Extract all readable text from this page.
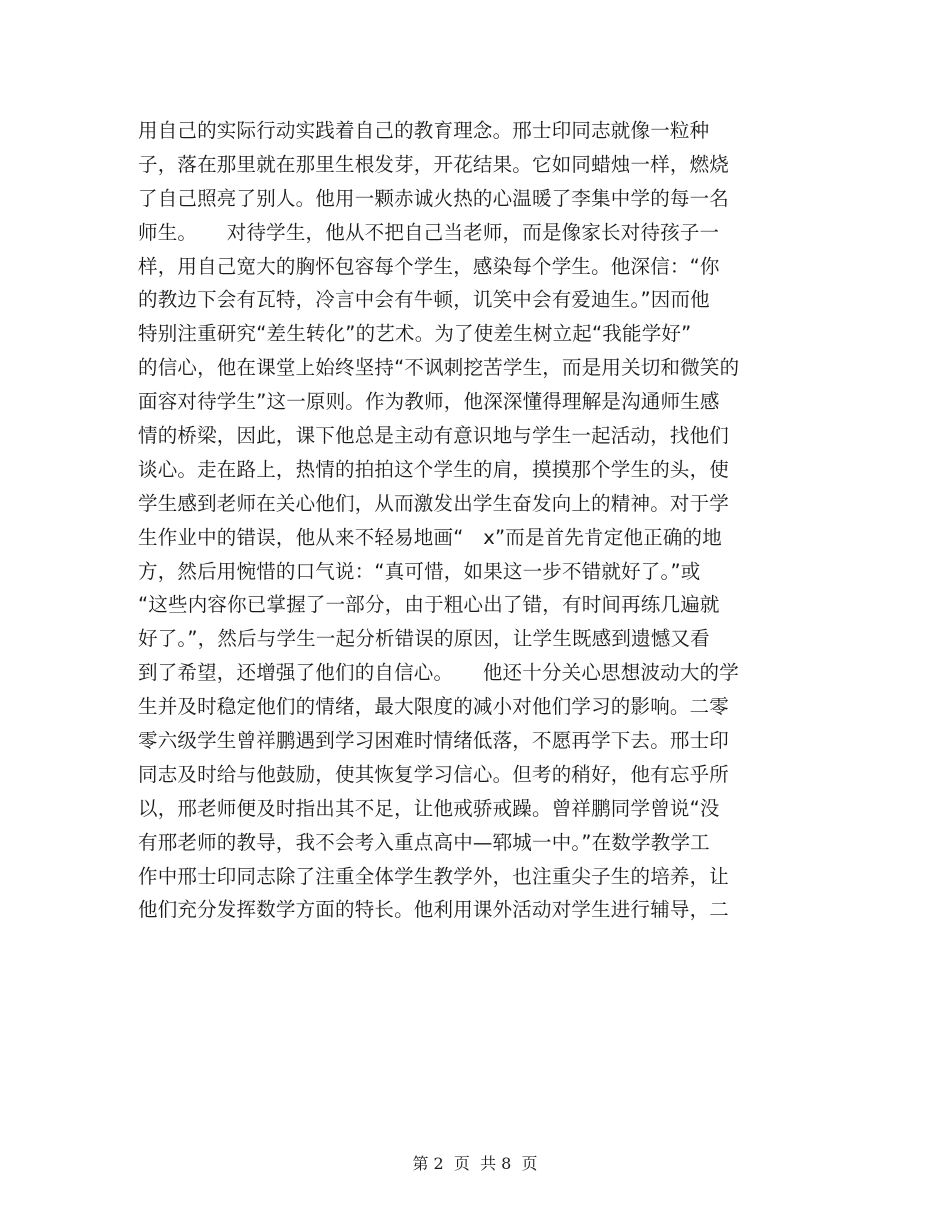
用自己的实际行动实践着自己的教育理念。邢士印同志就像一粒种
子，落在那里就在那里生根发芽，开花结果。它如同蜡烛一样，燃烧
了自己照亮了别人。他用一颗赤诚火热的心温暖了李集中学的每一名
师生。　　对待学生，他从不把自己当老师，而是像家长对待孩子一
样，用自己宽大的胸怀包容每个学生，感染每个学生。他深信：“你
的教边下会有瓦特，冷言中会有牛顿，讥笑中会有爱迪生。”因而他
特别注重研究“差生转化”的艺术。为了使差生树立起“我能学好”
的信心，他在课堂上始终坚持“不讽刺挖苦学生，而是用关切和微笑的
面容对待学生”这一原则。作为教师，他深深懂得理解是沟通师生感
情的桥梁，因此，课下他总是主动有意识地与学生一起活动，找他们
谈心。走在路上，热情的拍拍这个学生的肩，摸摸那个学生的头，使
学生感到老师在关心他们，从而激发出学生奋发向上的精神。对于学
生作业中的错误，他从来不轻易地画“　x”而是首先肯定他正确的地
方，然后用惋惜的口气说：“真可惜，如果这一步不错就好了。”或
“这些内容你已掌握了一部分，由于粗心出了错，有时间再练几遍就
好了。”，然后与学生一起分析错误的原因，让学生既感到遗憾又看
到了希望，还增强了他们的自信心。　　他还十分关心思想波动大的学
生并及时稳定他们的情绪，最大限度的减小对他们学习的影响。二零
零六级学生曾祥鹏遇到学习困难时情绪低落，不愿再学下去。邢士印
同志及时给与他鼓励，使其恢复学习信心。但考的稍好，他有忘乎所
以，邢老师便及时指出其不足，让他戒骄戒躁。曾祥鹏同学曾说“没
有邢老师的教导，我不会考入重点高中—郓城一中。”在数学教学工
作中邢士印同志除了注重全体学生教学外，也注重尖子生的培养，让
他们充分发挥数学方面的特长。他利用课外活动对学生进行辅导，二
第 2  页  共 8  页
